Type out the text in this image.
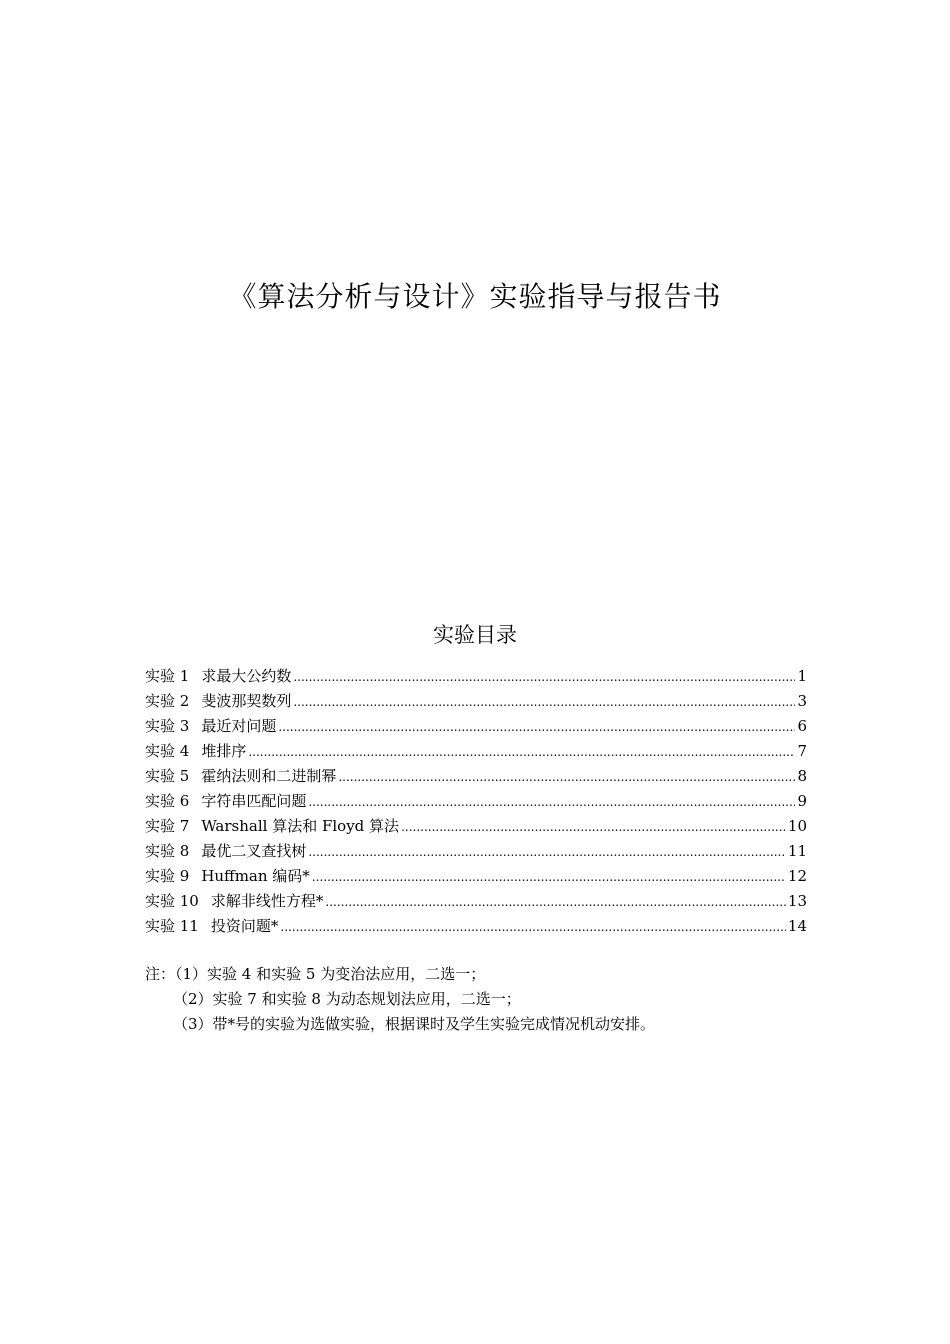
《算法分析与设计》实验指导与报告书
实验目录
实验 1 求最大公约数 .....	1
实验 2 斐波那契数列 .....	3
实验 3 最近对问题 .....	6
实验 4 堆排序 .....	7
实验 5 霍纳法则和二进制幂 .....	8
实验 6 字符串匹配问题 .....	9
实验 7 Warshall 算法和 Floyd 算法 .....	10
实验 8 最优二叉查找树 .....	11
实验 9 Huffman 编码* .....	12
实验 10 求解非线性方程* .....	13
实验 11 投资问题* .....	14
注：（1）实验 4 和实验 5 为变治法应用，二选一；
（2）实验 7 和实验 8 为动态规划法应用，二选一；
（3）带*号的实验为选做实验，根据课时及学生实验完成情况机动安排。
